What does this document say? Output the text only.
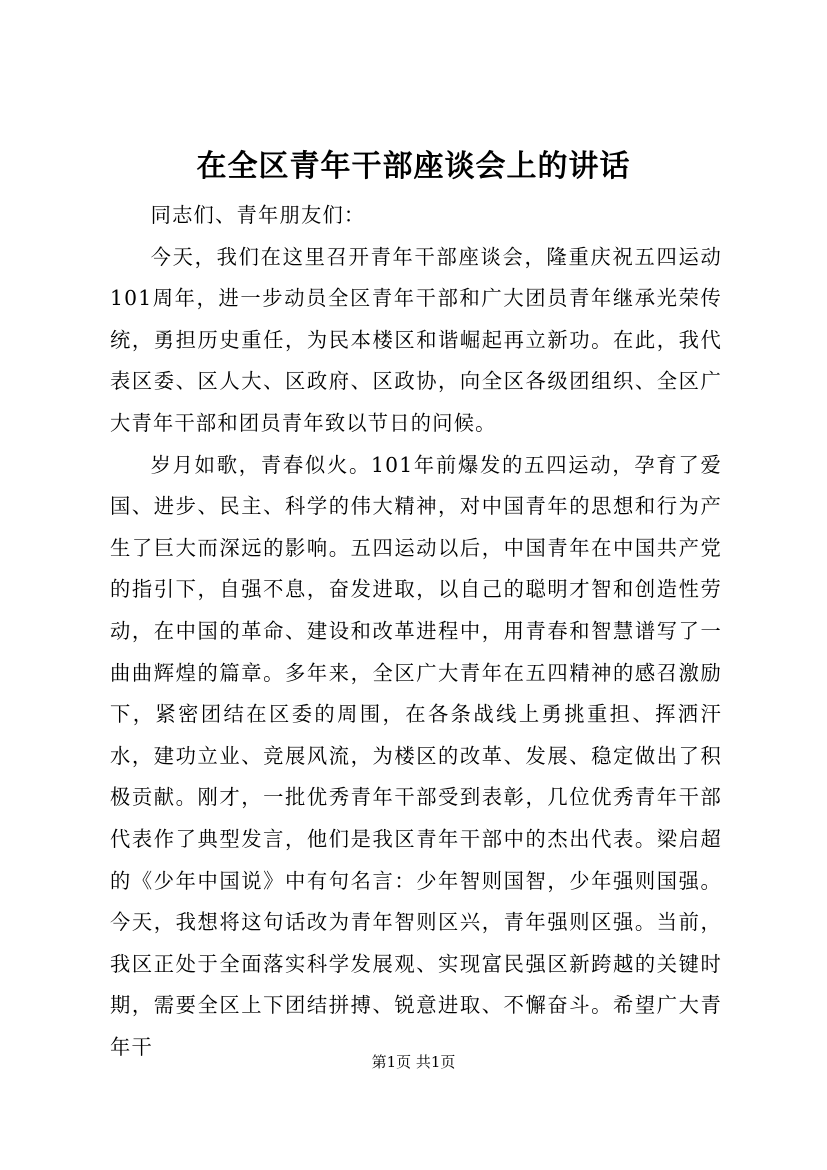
在全区青年干部座谈会上的讲话

同志们、青年朋友们：

今天，我们在这里召开青年干部座谈会，隆重庆祝五四运动101周年，进一步动员全区青年干部和广大团员青年继承光荣传统，勇担历史重任，为民本楼区和谐崛起再立新功。在此，我代表区委、区人大、区政府、区政协，向全区各级团组织、全区广大青年干部和团员青年致以节日的问候。

岁月如歌，青春似火。101年前爆发的五四运动，孕育了爱国、进步、民主、科学的伟大精神，对中国青年的思想和行为产生了巨大而深远的影响。五四运动以后，中国青年在中国共产党的指引下，自强不息，奋发进取，以自己的聪明才智和创造性劳动，在中国的革命、建设和改革进程中，用青春和智慧谱写了一曲曲辉煌的篇章。多年来，全区广大青年在五四精神的感召激励下，紧密团结在区委的周围，在各条战线上勇挑重担、挥洒汗水，建功立业、竞展风流，为楼区的改革、发展、稳定做出了积极贡献。刚才，一批优秀青年干部受到表彰，几位优秀青年干部代表作了典型发言，他们是我区青年干部中的杰出代表。梁启超的《少年中国说》中有句名言：少年智则国智，少年强则国强。今天，我想将这句话改为青年智则区兴，青年强则区强。当前，我区正处于全面落实科学发展观、实现富民强区新跨越的关键时期，需要全区上下团结拼搏、锐意进取、不懈奋斗。希望广大青年干

第1页 共1页
